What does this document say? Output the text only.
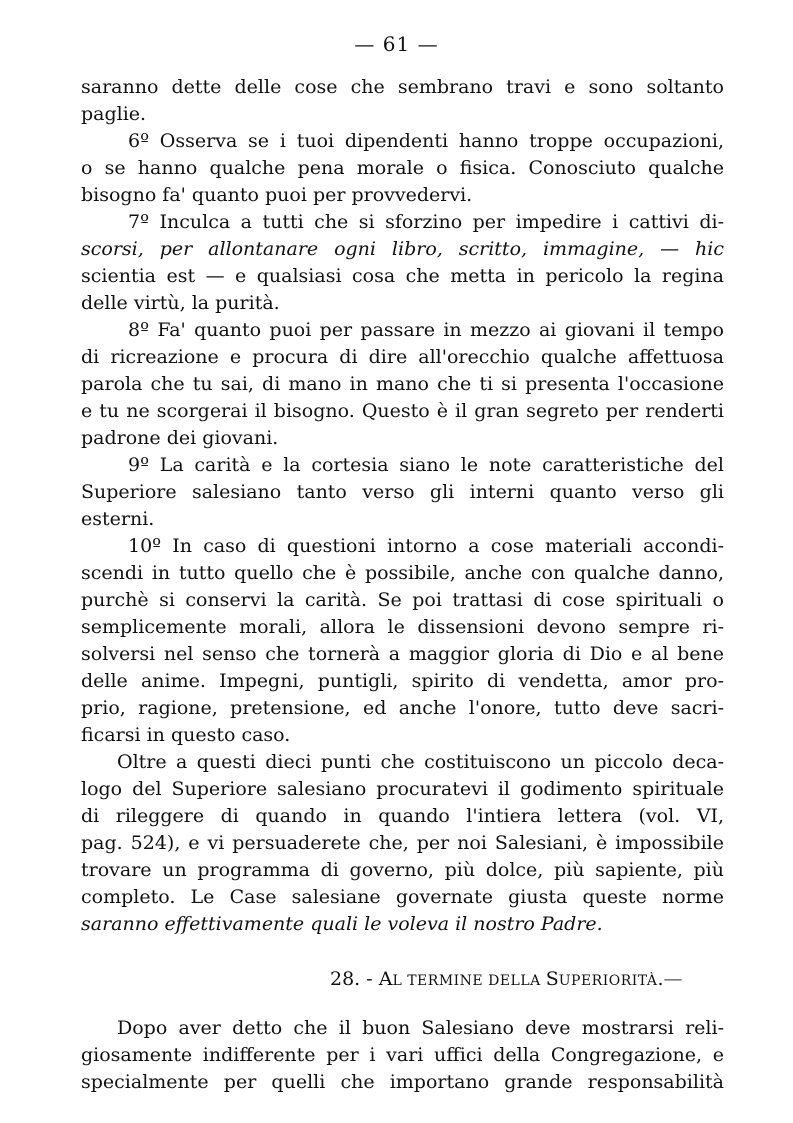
— 61 —
saranno dette delle cose che sembrano travi e sono soltanto
paglie.
6º Osserva se i tuoi dipendenti hanno troppe occupazioni,
o se hanno qualche pena morale o fisica. Conosciuto qualche
bisogno fa' quanto puoi per provvedervi.
7º Inculca a tutti che si sforzino per impedire i cattivi di-
scorsi, per allontanare ogni libro, scritto, immagine, — hic
scientia est — e qualsiasi cosa che metta in pericolo la regina
delle virtù, la purità.
8º Fa' quanto puoi per passare in mezzo ai giovani il tempo
di ricreazione e procura di dire all'orecchio qualche affettuosa
parola che tu sai, di mano in mano che ti si presenta l'occasione
e tu ne scorgerai il bisogno. Questo è il gran segreto per renderti
padrone dei giovani.
9º La carità e la cortesia siano le note caratteristiche del
Superiore salesiano tanto verso gli interni quanto verso gli
esterni.
10º In caso di questioni intorno a cose materiali accondi-
scendi in tutto quello che è possibile, anche con qualche danno,
purchè si conservi la carità. Se poi trattasi di cose spirituali o
semplicemente morali, allora le dissensioni devono sempre ri-
solversi nel senso che tornerà a maggior gloria di Dio e al bene
delle anime. Impegni, puntigli, spirito di vendetta, amor pro-
prio, ragione, pretensione, ed anche l'onore, tutto deve sacri-
ficarsi in questo caso.
Oltre a questi dieci punti che costituiscono un piccolo deca-
logo del Superiore salesiano procuratevi il godimento spirituale
di rileggere di quando in quando l'intiera lettera (vol. VI,
pag. 524), e vi persuaderete che, per noi Salesiani, è impossibile
trovare un programma di governo, più dolce, più sapiente, più
completo. Le Case salesiane governate giusta queste norme
saranno effettivamente quali le voleva il nostro Padre.
28. - AL TERMINE DELLA SUPERIORITÀ.—
Dopo aver detto che il buon Salesiano deve mostrarsi reli-
giosamente indifferente per i vari uffici della Congregazione, e
specialmente per quelli che importano grande responsabilità
